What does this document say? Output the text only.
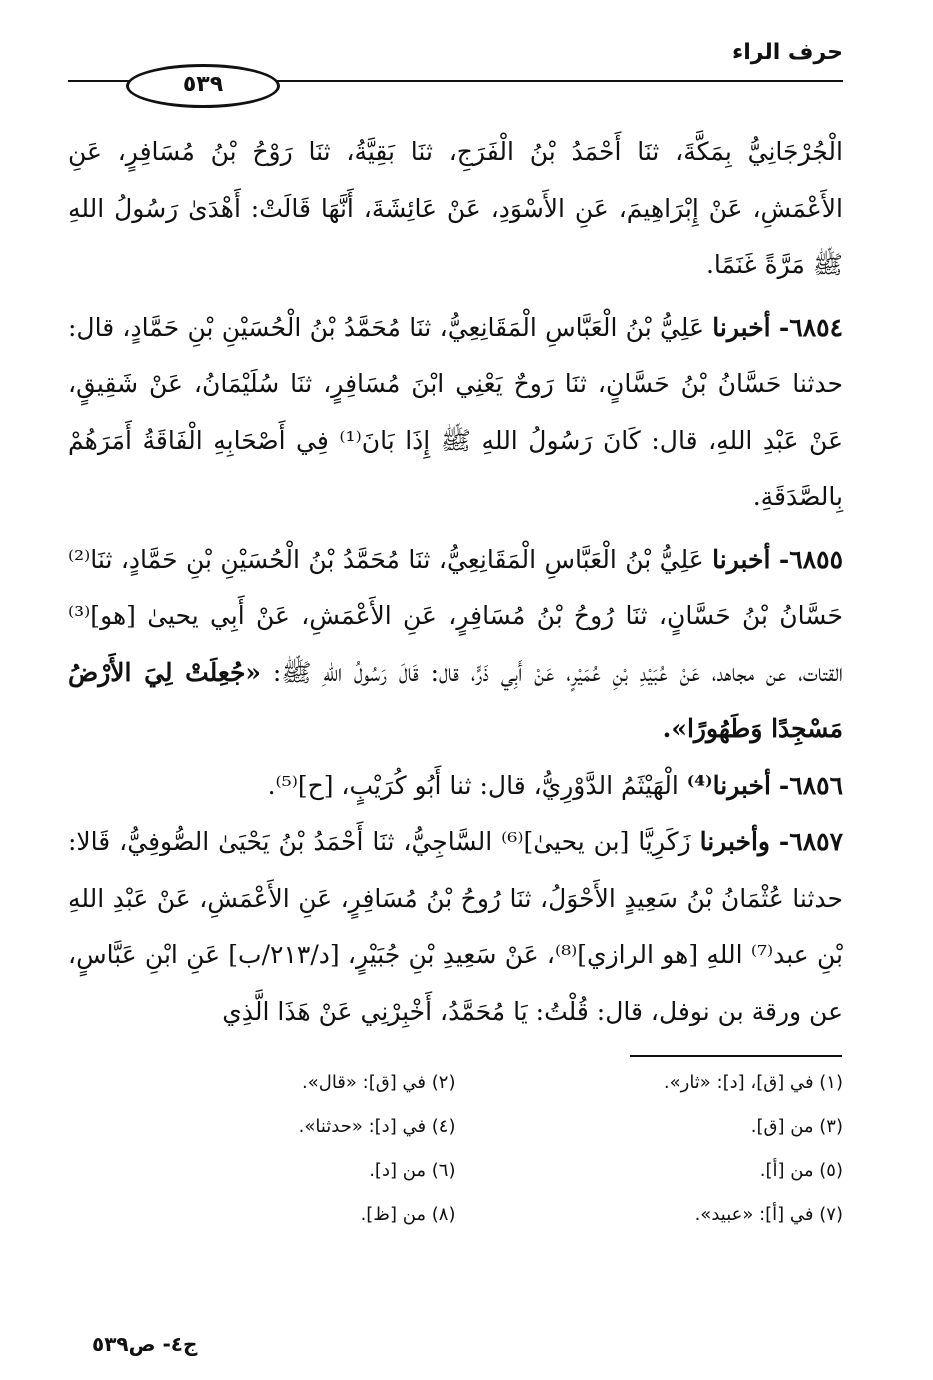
حرف الراء
٥٣٩

الْجُرْجَانِيُّ بِمَكَّةَ، ثنَا أَحْمَدُ بْنُ الْفَرَجِ، ثنَا بَقِيَّةُ، ثنَا رَوْحُ بْنُ مُسَافِرٍ، عَنِ الأَعْمَشِ، عَنْ إِبْرَاهِيمَ، عَنِ الأَسْوَدِ، عَنْ عَائِشَةَ، أَنَّهَا قَالَتْ: أَهْدَىٰ رَسُولُ اللهِ ﷺ مَرَّةً غَنَمًا.

٦٨٥٤- أخبرنا عَلِيُّ بْنُ الْعَبَّاسِ الْمَقَانِعِيُّ، ثنَا مُحَمَّدُ بْنُ الْحُسَيْنِ بْنِ حَمَّادٍ، قال: حدثنا حَسَّانُ بْنُ حَسَّانٍ، ثنَا رَوحٌ يَعْنِي ابْنَ مُسَافِرٍ، ثنَا سُلَيْمَانُ، عَنْ شَقِيقٍ، عَنْ عَبْدِ اللهِ، قال: كَانَ رَسُولُ اللهِ ﷺ إِذَا بَانَ⁽¹⁾ فِي أَصْحَابِهِ الْفَاقَةُ أَمَرَهُمْ بِالصَّدَقَةِ.

٦٨٥٥- أخبرنا عَلِيُّ بْنُ الْعَبَّاسِ الْمَقَانِعِيُّ، ثنَا مُحَمَّدُ بْنُ الْحُسَيْنِ بْنِ حَمَّادٍ، ثنَا⁽²⁾ حَسَّانُ بْنُ حَسَّانٍ، ثنَا رُوحُ بْنُ مُسَافِرٍ، عَنِ الأَعْمَشِ، عَنْ أَبِي يحيىٰ [هو]⁽³⁾ القتات، عن مجاهد، عَنْ عُبَيْدِ بْنِ عُمَيْرٍ، عَنْ أَبِي ذَرٍّ، قال: قَالَ رَسُولُ اللهِ ﷺ: «جُعِلَتْ لِيَ الأَرْضُ مَسْجِدًا وَطَهُورًا».

٦٨٥٦- أخبرنا⁽⁴⁾ الْهَيْثَمُ الدَّوْرِيُّ، قال: ثنا أَبُو كُرَيْبٍ، [ح]⁽⁵⁾.

٦٨٥٧- وأخبرنا زَكَرِيَّا [بن يحيىٰ]⁽⁶⁾ السَّاجِيُّ، ثنَا أَحْمَدُ بْنُ يَحْيَىٰ الصُّوفِيُّ، قَالا: حدثنا عُثْمَانُ بْنُ سَعِيدٍ الأَحْوَلُ، ثنَا رُوحُ بْنُ مُسَافِرٍ، عَنِ الأَعْمَشِ، عَنْ عَبْدِ اللهِ بْنِ عبد⁽⁷⁾ اللهِ [هو الرازي]⁽⁸⁾، عَنْ سَعِيدِ بْنِ جُبَيْرٍ، [د/٢١٣/ب] عَنِ ابْنِ عَبَّاسٍ، عن ورقة بن نوفل، قال: قُلْتُ: يَا مُحَمَّدُ، أَخْبِرْنِي عَنْ هَذَا الَّذِي

(١) في [ق]، [د]: «ثار».
(٢) في [ق]: «قال».
(٣) من [ق].
(٤) في [د]: «حدثنا».
(٥) من [أ].
(٦) من [د].
(٧) في [أ]: «عبيد».
(٨) من [ظ].
ج٤- ص٥٣٩
